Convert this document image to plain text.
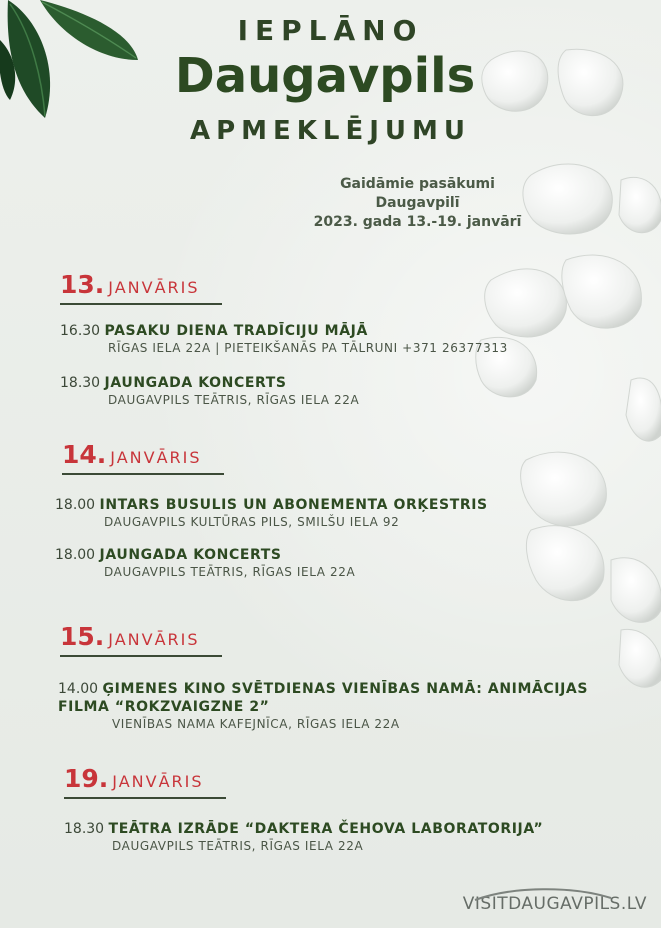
IEPLĀNO
Daugavpils
APMEKLĒJUMU
Gaidāmie pasākumi
Daugavpilī
2023. gada 13.-19. janvārī
13. JANVĀRIS
16.30 PASAKU DIENA TRADĪCIJU MĀJĀ
RĪGAS IELA 22A | PIETEIKŠANĀS PA TĀLRUNI +371 26377313
18.30 JAUNGADA KONCERTS
DAUGAVPILS TEĀTRIS, RĪGAS IELA 22A
14. JANVĀRIS
18.00 INTARS BUSULIS UN ABONEMENTA ORĶESTRIS
DAUGAVPILS KULTŪRAS PILS, SMILŠU IELA 92
18.00 JAUNGADA KONCERTS
DAUGAVPILS TEĀTRIS, RĪGAS IELA 22A
15. JANVĀRIS
14.00 ĢIMENES KINO SVĒTDIENAS VIENĪBAS NAMĀ: ANIMĀCIJAS
FILMA “ROKZVAIGZNE 2”
VIENĪBAS NAMA KAFEJNĪCA, RĪGAS IELA 22A
19. JANVĀRIS
18.30 TEĀTRA IZRĀDE “DAKTERA ČEHOVA LABORATORIJA”
DAUGAVPILS TEĀTRIS, RĪGAS IELA 22A
VISITDAUGAVPILS.LV
